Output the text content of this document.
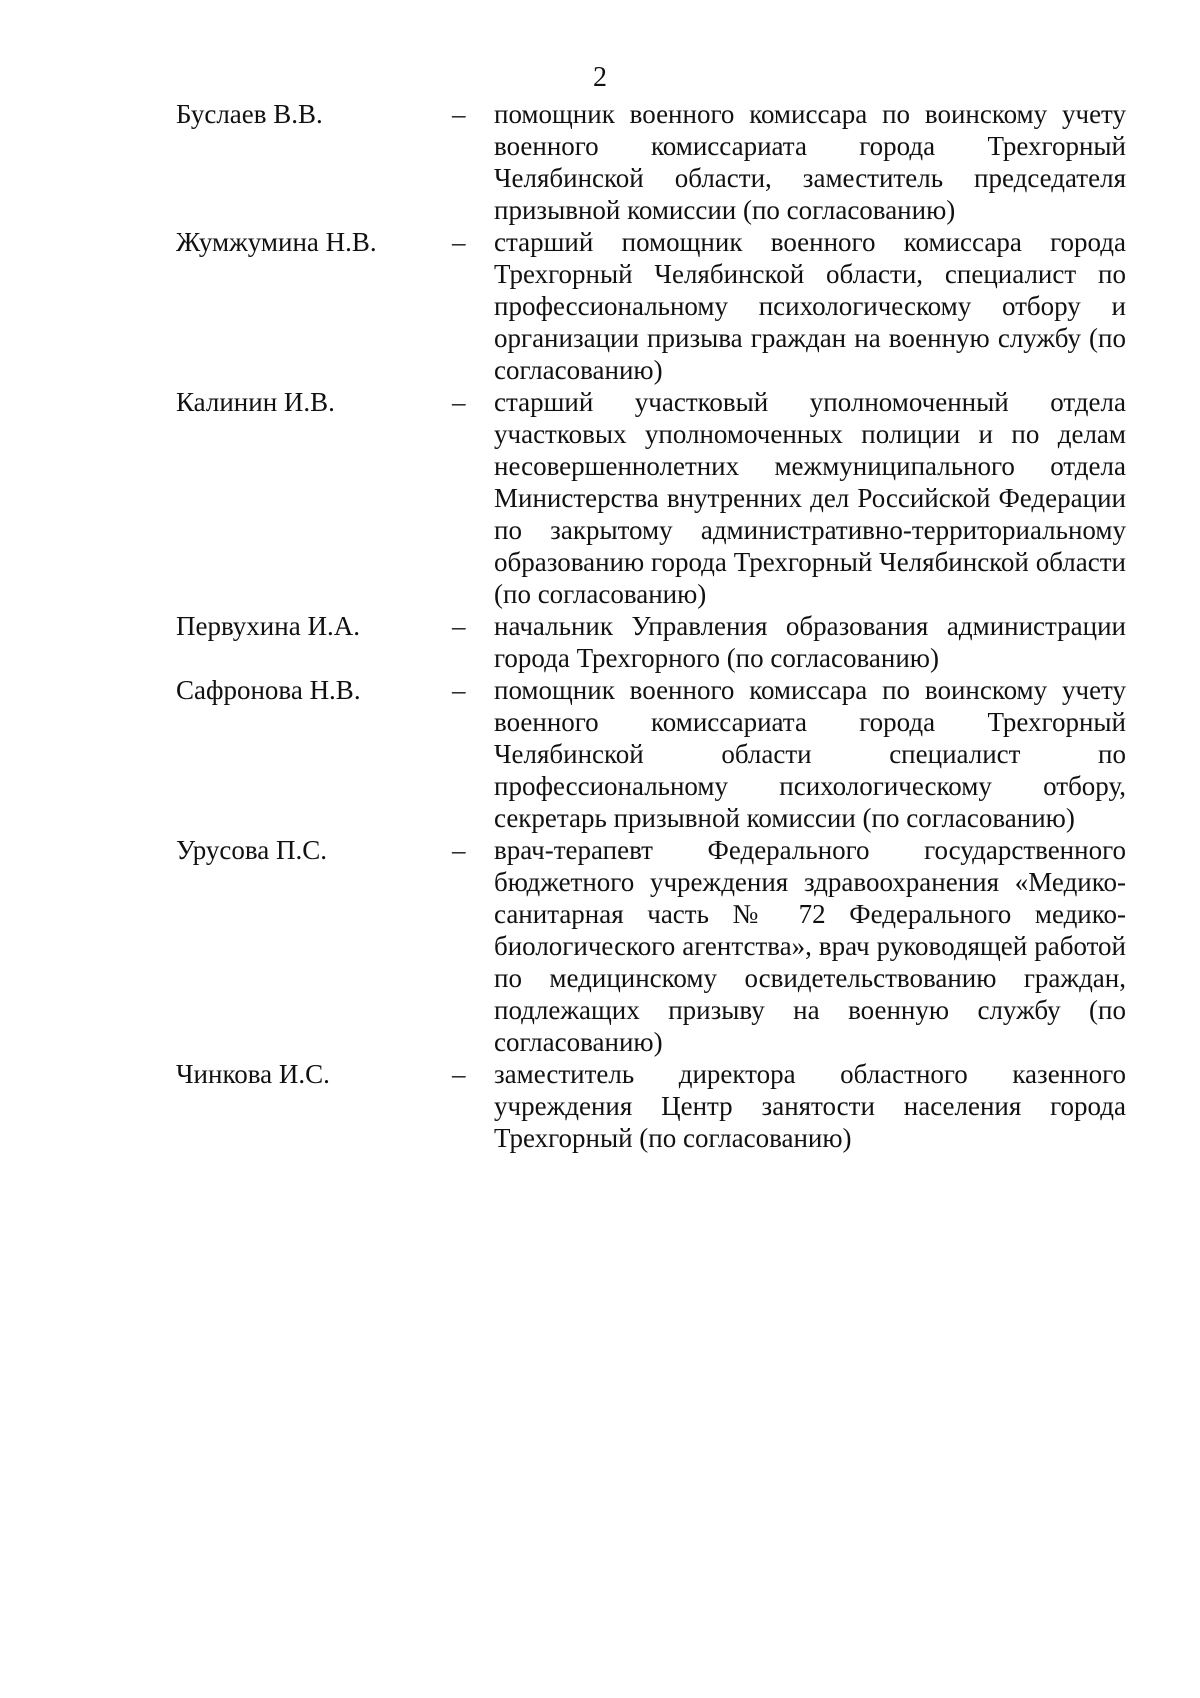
2
Буслаев В.В.	–	помощник военного комиссара по воинскому учету военного комиссариата города Трехгорный Челябинской области, заместитель председателя призывной комиссии (по согласованию)
Жумжумина Н.В.	–	старший помощник военного комиссара города Трехгорный Челябинской области, специалист по профессиональному психологическому отбору и организации призыва граждан на военную службу (по согласованию)
Калинин И.В.	–	старший участковый уполномоченный отдела участковых уполномоченных полиции и по делам несовершеннолетних межмуниципального отдела Министерства внутренних дел Российской Федерации по закрытому административно-территориальному образованию города Трехгорный Челябинской области (по согласованию)
Первухина И.А.	–	начальник Управления образования администрации города Трехгорного (по согласованию)
Сафронова Н.В.	–	помощник военного комиссара по воинскому учету военного комиссариата города Трехгорный Челябинской области специалист по профессиональному психологическому отбору, секретарь призывной комиссии (по согласованию)
Урусова П.С.	–	врач-терапевт Федерального государственного бюджетного учреждения здравоохранения «Медико-санитарная часть № 72 Федерального медико-биологического агентства», врач руководящей работой по медицинскому освидетельствованию граждан, подлежащих призыву на военную службу (по согласованию)
Чинкова И.С.	–	заместитель директора областного казенного учреждения Центр занятости населения города Трехгорный (по согласованию)
